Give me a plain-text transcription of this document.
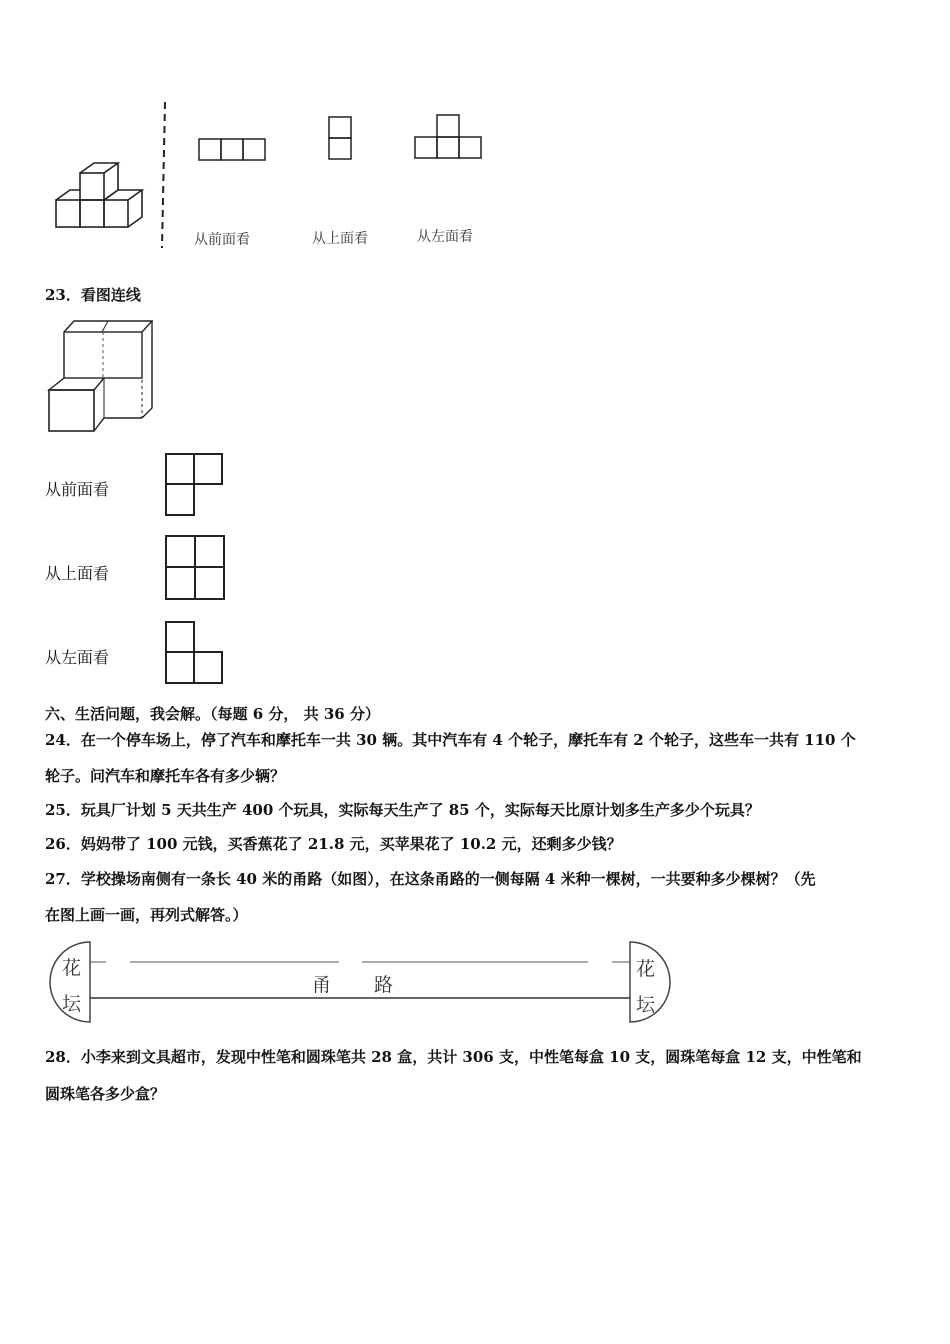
从前面看	从上面看	从左面看
23．看图连线
从前面看
从上面看
从左面看
六、生活问题，我会解。（每题 6 分， 共 36 分）
24．在一个停车场上，停了汽车和摩托车一共 30 辆。其中汽车有 4 个轮子，摩托车有 2 个轮子，这些车一共有 110 个
轮子。问汽车和摩托车各有多少辆？
25．玩具厂计划 5 天共生产 400 个玩具，实际每天生产了 85 个，实际每天比原计划多生产多少个玩具？
26．妈妈带了 100 元钱，买香蕉花了 21.8 元，买苹果花了 10.2 元，还剩多少钱？
27．学校操场南侧有一条长 40 米的甬路（如图），在这条甬路的一侧每隔 4 米种一棵树，一共要种多少棵树？（先
在图上画一画，再列式解答。）
花
坛
花
坛
甬 路
28．小李来到文具超市，发现中性笔和圆珠笔共 28 盒，共计 306 支，中性笔每盒 10 支，圆珠笔每盒 12 支，中性笔和
圆珠笔各多少盒？
